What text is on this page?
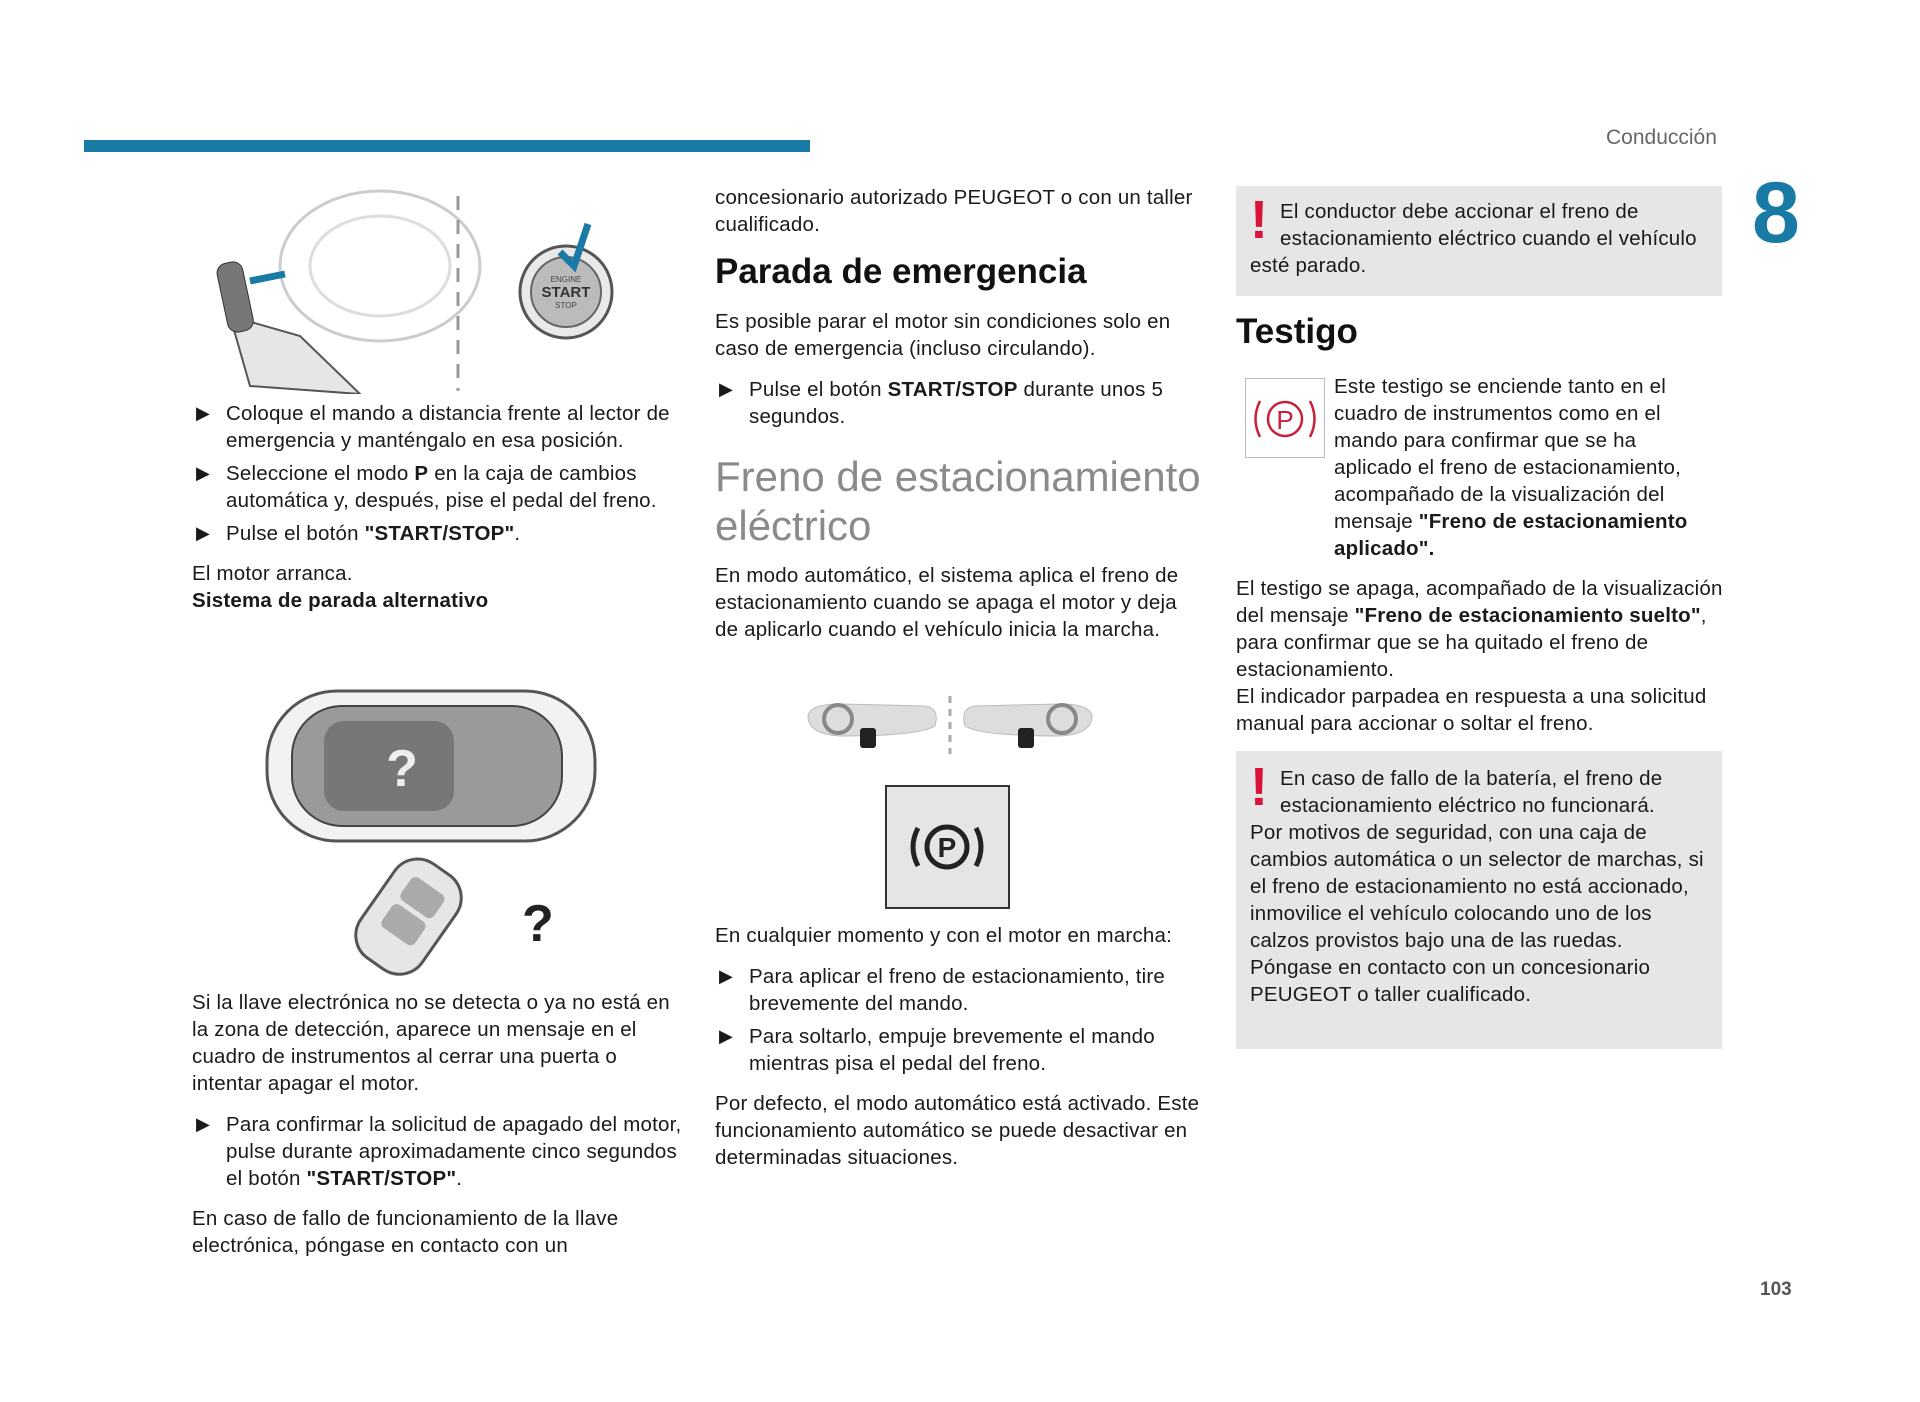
Conducción
8
103
ENGINE
START
STOP
▶ Coloque el mando a distancia frente al lector de emergencia y manténgalo en esa posición.
▶ Seleccione el modo P en la caja de cambios automática y, después, pise el pedal del freno.
▶ Pulse el botón "START/STOP".

El motor arranca.

Sistema de parada alternativo

?
?

Si la llave electrónica no se detecta o ya no está en la zona de detección, aparece un mensaje en el cuadro de instrumentos al cerrar una puerta o intentar apagar el motor.

▶ Para confirmar la solicitud de apagado del motor, pulse durante aproximadamente cinco segundos el botón "START/STOP".

En caso de fallo de funcionamiento de la llave electrónica, póngase en contacto con un

concesionario autorizado PEUGEOT o con un taller cualificado.

Parada de emergencia

Es posible parar el motor sin condiciones solo en caso de emergencia (incluso circulando).

▶ Pulse el botón START/STOP durante unos 5 segundos.

Freno de estacionamiento eléctrico

En modo automático, el sistema aplica el freno de estacionamiento cuando se apaga el motor y deja de aplicarlo cuando el vehículo inicia la marcha.

P

En cualquier momento y con el motor en marcha:

▶ Para aplicar el freno de estacionamiento, tire brevemente del mando.
▶ Para soltarlo, empuje brevemente el mando mientras pisa el pedal del freno.

Por defecto, el modo automático está activado. Este funcionamiento automático se puede desactivar en determinadas situaciones.

! El conductor debe accionar el freno de estacionamiento eléctrico cuando el vehículo esté parado.

Testigo
P

Este testigo se enciende tanto en el cuadro de instrumentos como en el mando para confirmar que se ha aplicado el freno de estacionamiento, acompañado de la visualización del mensaje "Freno de estacionamiento aplicado".

El testigo se apaga, acompañado de la visualización del mensaje "Freno de estacionamiento suelto", para confirmar que se ha quitado el freno de estacionamiento.

El indicador parpadea en respuesta a una solicitud manual para accionar o soltar el freno.

! En caso de fallo de la batería, el freno de estacionamiento eléctrico no funcionará.

Por motivos de seguridad, con una caja de cambios automática o un selector de marchas, si el freno de estacionamiento no está accionado, inmovilice el vehículo colocando uno de los calzos provistos bajo una de las ruedas.

Póngase en contacto con un concesionario PEUGEOT o taller cualificado.
